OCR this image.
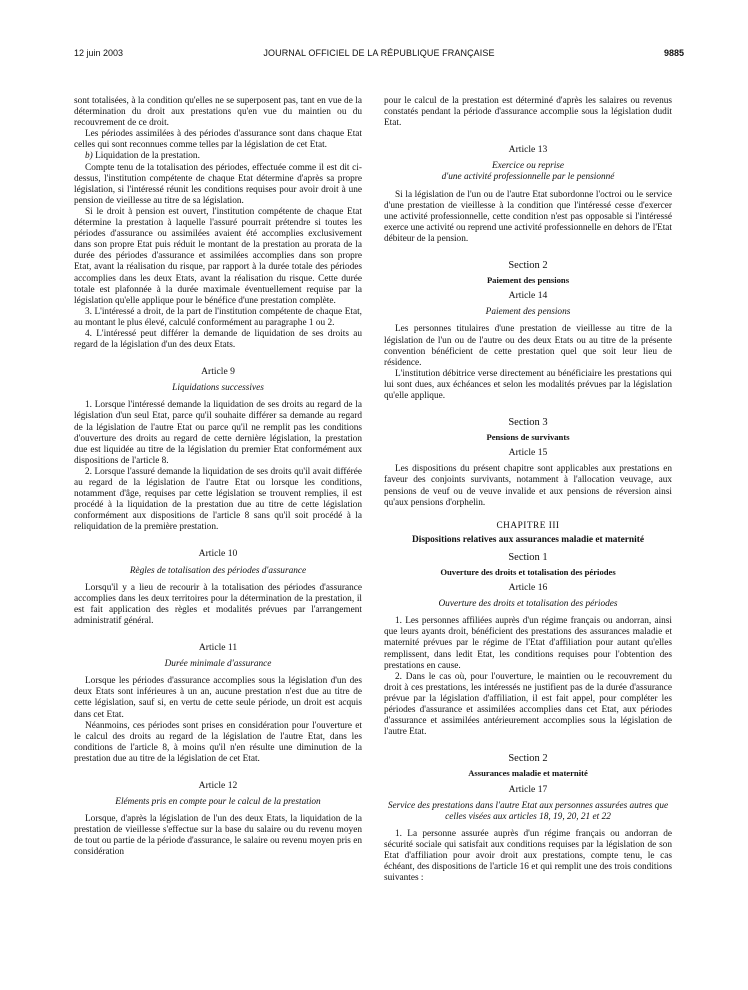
12 juin 2003	JOURNAL OFFICIEL DE LA RÉPUBLIQUE FRANÇAISE	9885

sont totalisées, à la condition qu'elles ne se superposent pas, tant en vue de la détermination du droit aux prestations qu'en vue du maintien ou du recouvrement de ce droit.

Les périodes assimilées à des périodes d'assurance sont dans chaque Etat celles qui sont reconnues comme telles par la législation de cet Etat.

b) Liquidation de la prestation.

Compte tenu de la totalisation des périodes, effectuée comme il est dit ci-dessus, l'institution compétente de chaque Etat détermine d'après sa propre législation, si l'intéressé réunit les conditions requises pour avoir droit à une pension de vieillesse au titre de sa législation.

Si le droit à pension est ouvert, l'institution compétente de chaque Etat détermine la prestation à laquelle l'assuré pourrait prétendre si toutes les périodes d'assurance ou assimilées avaient été accomplies exclusivement dans son propre Etat puis réduit le montant de la prestation au prorata de la durée des périodes d'assurance et assimilées accomplies dans son propre Etat, avant la réalisation du risque, par rapport à la durée totale des périodes accomplies dans les deux Etats, avant la réalisation du risque. Cette durée totale est plafonnée à la durée maximale éventuellement requise par la législation qu'elle applique pour le bénéfice d'une prestation complète.

3. L'intéressé a droit, de la part de l'institution compétente de chaque Etat, au montant le plus élevé, calculé conformément au paragraphe 1 ou 2.

4. L'intéressé peut différer la demande de liquidation de ses droits au regard de la législation d'un des deux Etats.

Article 9
Liquidations successives

1. Lorsque l'intéressé demande la liquidation de ses droits au regard de la législation d'un seul Etat, parce qu'il souhaite différer sa demande au regard de la législation de l'autre Etat ou parce qu'il ne remplit pas les conditions d'ouverture des droits au regard de cette dernière législation, la prestation due est liquidée au titre de la législation du premier Etat conformément aux dispositions de l'article 8.

2. Lorsque l'assuré demande la liquidation de ses droits qu'il avait différée au regard de la législation de l'autre Etat ou lorsque les conditions, notamment d'âge, requises par cette législation se trouvent remplies, il est procédé à la liquidation de la prestation due au titre de cette législation conformément aux dispositions de l'article 8 sans qu'il soit procédé à la reliquidation de la première prestation.

Article 10
Règles de totalisation des périodes d'assurance

Lorsqu'il y a lieu de recourir à la totalisation des périodes d'assurance accomplies dans les deux territoires pour la détermination de la prestation, il est fait application des règles et modalités prévues par l'arrangement administratif général.

Article 11
Durée minimale d'assurance

Lorsque les périodes d'assurance accomplies sous la législation d'un des deux Etats sont inférieures à un an, aucune prestation n'est due au titre de cette législation, sauf si, en vertu de cette seule période, un droit est acquis dans cet Etat.

Néanmoins, ces périodes sont prises en considération pour l'ouverture et le calcul des droits au regard de la législation de l'autre Etat, dans les conditions de l'article 8, à moins qu'il n'en résulte une diminution de la prestation due au titre de la législation de cet Etat.

Article 12
Eléments pris en compte pour le calcul de la prestation

Lorsque, d'après la législation de l'un des deux Etats, la liquidation de la prestation de vieillesse s'effectue sur la base du salaire ou du revenu moyen de tout ou partie de la période d'assurance, le salaire ou revenu moyen pris en considération

pour le calcul de la prestation est déterminé d'après les salaires ou revenus constatés pendant la période d'assurance accomplie sous la législation dudit Etat.

Article 13
Exercice ou reprise
d'une activité professionnelle par le pensionné

Si la législation de l'un ou de l'autre Etat subordonne l'octroi ou le service d'une prestation de vieillesse à la condition que l'intéressé cesse d'exercer une activité professionnelle, cette condition n'est pas opposable si l'intéressé exerce une activité ou reprend une activité professionnelle en dehors de l'Etat débiteur de la pension.

Section 2
Paiement des pensions
Article 14
Paiement des pensions

Les personnes titulaires d'une prestation de vieillesse au titre de la législation de l'un ou de l'autre ou des deux Etats ou au titre de la présente convention bénéficient de cette prestation quel que soit leur lieu de résidence.

L'institution débitrice verse directement au bénéficiaire les prestations qui lui sont dues, aux échéances et selon les modalités prévues par la législation qu'elle applique.

Section 3
Pensions de survivants
Article 15

Les dispositions du présent chapitre sont applicables aux prestations en faveur des conjoints survivants, notamment à l'allocation veuvage, aux pensions de veuf ou de veuve invalide et aux pensions de réversion ainsi qu'aux pensions d'orphelin.

CHAPITRE III
Dispositions relatives aux assurances maladie et maternité
Section 1
Ouverture des droits et totalisation des périodes
Article 16
Ouverture des droits et totalisation des périodes

1. Les personnes affiliées auprès d'un régime français ou andorran, ainsi que leurs ayants droit, bénéficient des prestations des assurances maladie et maternité prévues par le régime de l'Etat d'affiliation pour autant qu'elles remplissent, dans ledit Etat, les conditions requises pour l'obtention des prestations en cause.

2. Dans le cas où, pour l'ouverture, le maintien ou le recouvrement du droit à ces prestations, les intéressés ne justifient pas de la durée d'assurance prévue par la législation d'affiliation, il est fait appel, pour compléter les périodes d'assurance et assimilées accomplies dans cet Etat, aux périodes d'assurance et assimilées antérieurement accomplies sous la législation de l'autre Etat.

Section 2
Assurances maladie et maternité
Article 17
Service des prestations dans l'autre Etat aux personnes assurées autres que celles visées aux articles 18, 19, 20, 21 et 22

1. La personne assurée auprès d'un régime français ou andorran de sécurité sociale qui satisfait aux conditions requises par la législation de son Etat d'affiliation pour avoir droit aux prestations, compte tenu, le cas échéant, des dispositions de l'article 16 et qui remplit une des trois conditions suivantes :
